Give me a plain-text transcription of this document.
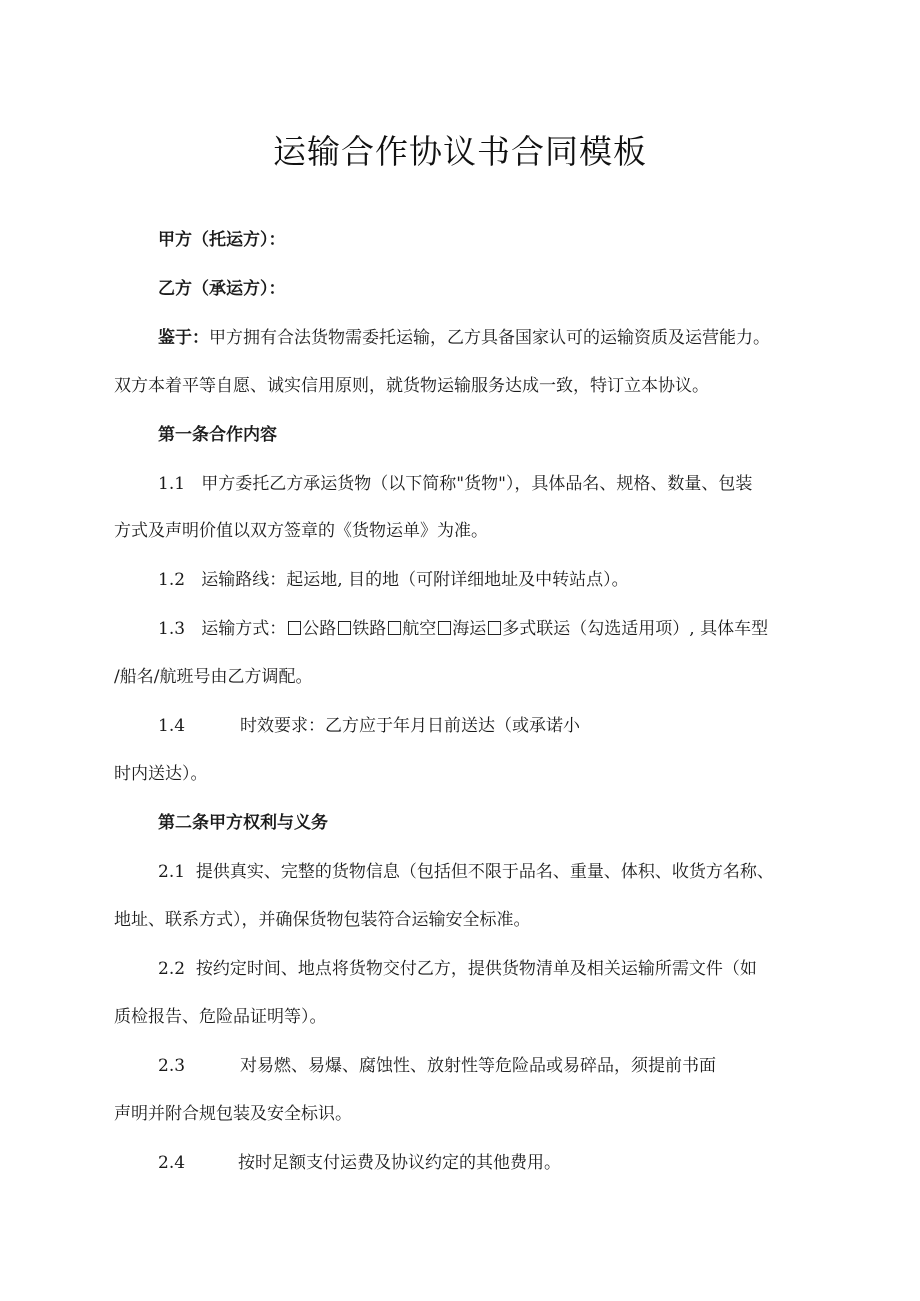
运输合作协议书合同模板
甲方（托运方）：
乙方（承运方）：
鉴于：甲方拥有合法货物需委托运输，乙方具备国家认可的运输资质及运营能力。
双方本着平等自愿、诚实信用原则，就货物运输服务达成一致，特订立本协议。
第一条合作内容
1.1 甲方委托乙方承运货物（以下简称"货物"），具体品名、规格、数量、包装
方式及声明价值以双方签章的《货物运单》为准。
1.2 运输路线：起运地, 目的地（可附详细地址及中转站点）。
1.3 运输方式： 公路 铁路 航空 海运 多式联运（勾选适用项）, 具体车型
/船名/航班号由乙方调配。
1.4	时效要求：乙方应于年月日前送达（或承诺小
时内送达）。
第二条甲方权利与义务
2.1 提供真实、完整的货物信息（包括但不限于品名、重量、体积、收货方名称、
地址、联系方式），并确保货物包装符合运输安全标准。
2.2 按约定时间、地点将货物交付乙方，提供货物清单及相关运输所需文件（如
质检报告、危险品证明等）。
2.3	对易燃、易爆、腐蚀性、放射性等危险品或易碎品，须提前书面
声明并附合规包装及安全标识。
2.4	按时足额支付运费及协议约定的其他费用。
